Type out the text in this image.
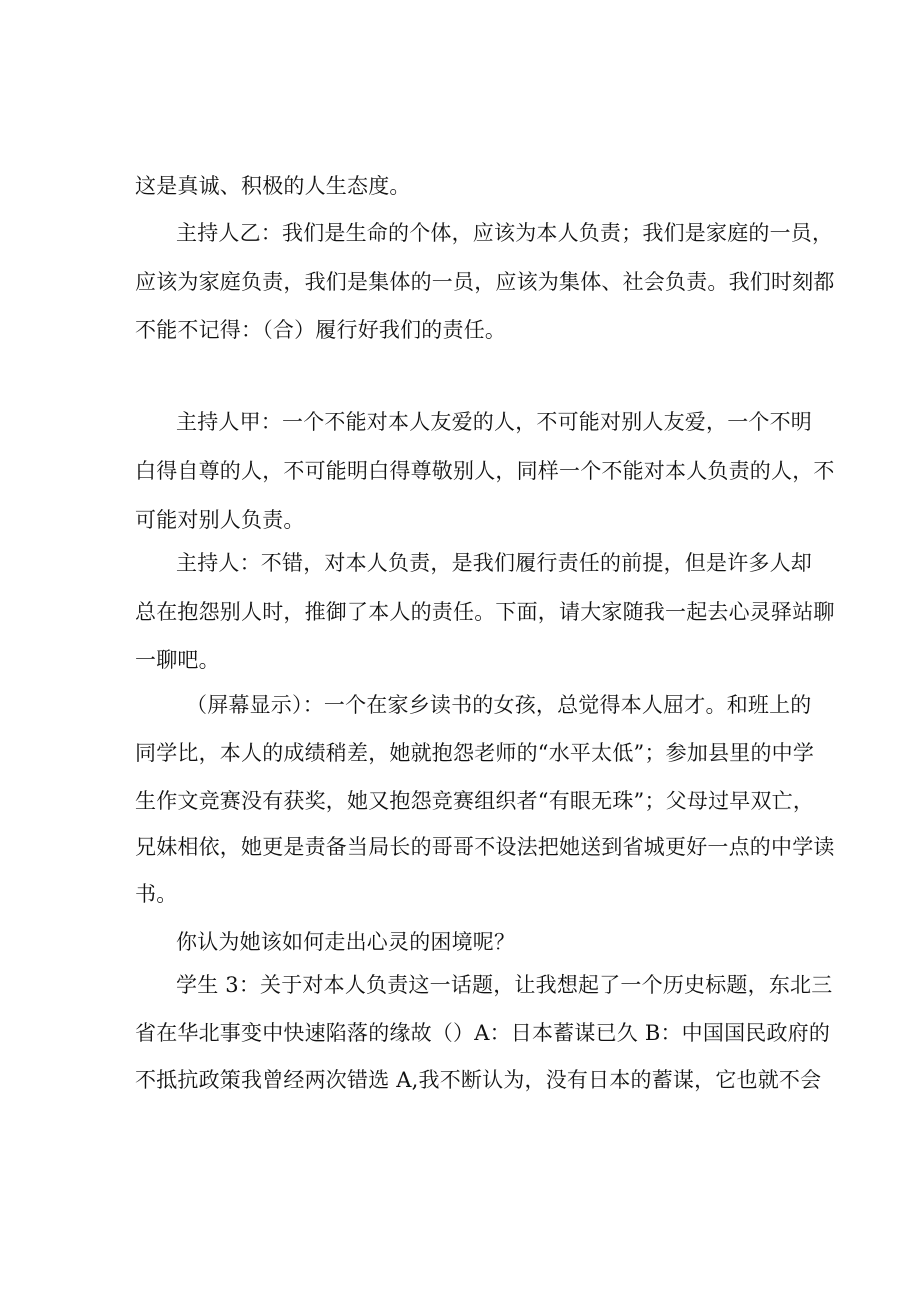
这是真诚、积极的人生态度。
主持人乙：我们是生命的个体，应该为本人负责；我们是家庭的一员，
应该为家庭负责，我们是集体的一员，应该为集体、社会负责。我们时刻都
不能不记得：（合）履行好我们的责任。
主持人甲：一个不能对本人友爱的人，不可能对别人友爱，一个不明
白得自尊的人，不可能明白得尊敬别人，同样一个不能对本人负责的人，不
可能对别人负责。
主持人：不错，对本人负责，是我们履行责任的前提，但是许多人却
总在抱怨别人时，推御了本人的责任。下面，请大家随我一起去心灵驿站聊
一聊吧。
（屏幕显示）：一个在家乡读书的女孩，总觉得本人屈才。和班上的
同学比，本人的成绩稍差，她就抱怨老师的“水平太低”；参加县里的中学
生作文竞赛没有获奖，她又抱怨竞赛组织者“有眼无珠”；父母过早双亡，
兄妹相依，她更是责备当局长的哥哥不设法把她送到省城更好一点的中学读
书。
你认为她该如何走出心灵的困境呢？
学生 3：关于对本人负责这一话题，让我想起了一个历史标题，东北三
省在华北事变中快速陷落的缘故（）A：日本蓄谋已久 B：中国国民政府的
不抵抗政策我曾经两次错选 A,我不断认为，没有日本的蓄谋，它也就不会
